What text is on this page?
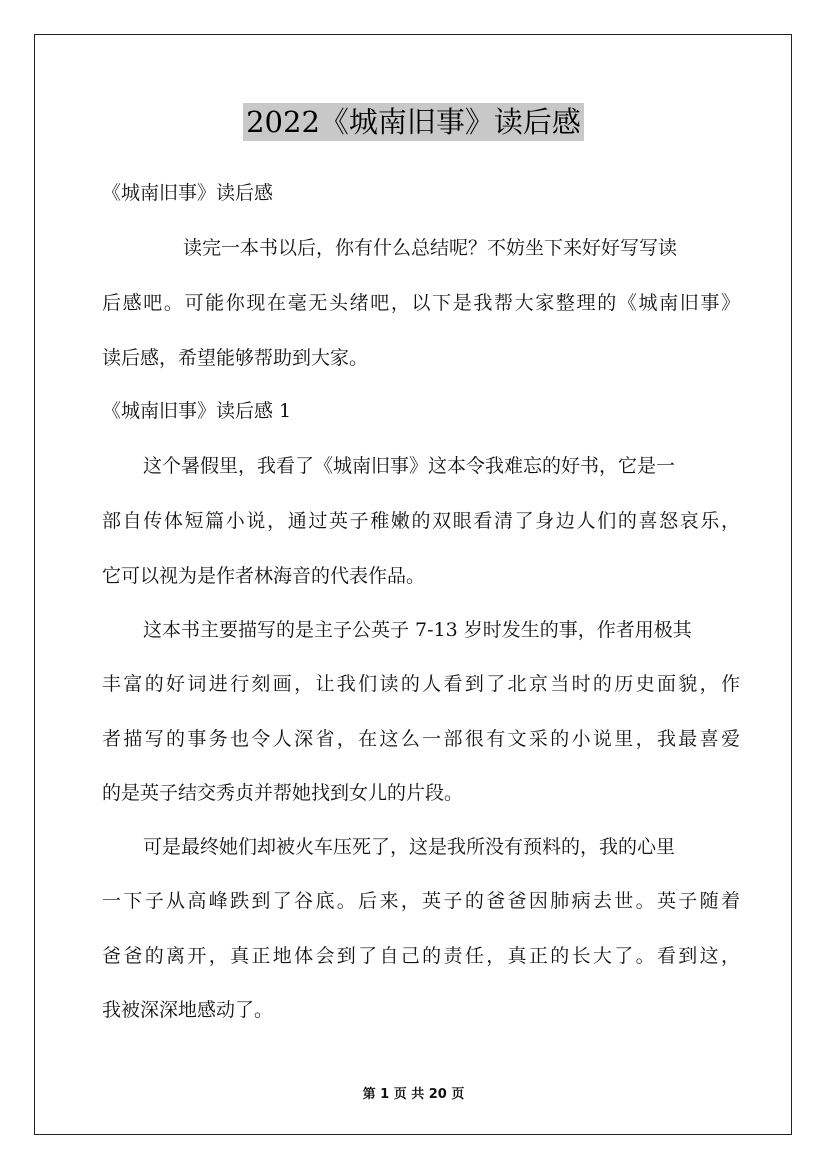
2022《城南旧事》读后感
《城南旧事》读后感
读完一本书以后，你有什么总结呢？不妨坐下来好好写写读
后感吧。可能你现在毫无头绪吧，以下是我帮大家整理的《城南旧事》
读后感，希望能够帮助到大家。
《城南旧事》读后感 1
这个暑假里，我看了《城南旧事》这本令我难忘的好书，它是一
部自传体短篇小说，通过英子稚嫩的双眼看清了身边人们的喜怒哀乐，
它可以视为是作者林海音的代表作品。
这本书主要描写的是主子公英子 7-13 岁时发生的事，作者用极其
丰富的好词进行刻画，让我们读的人看到了北京当时的历史面貌，作
者描写的事务也令人深省，在这么一部很有文采的小说里，我最喜爱
的是英子结交秀贞并帮她找到女儿的片段。
可是最终她们却被火车压死了，这是我所没有预料的，我的心里
一下子从高峰跌到了谷底。后来，英子的爸爸因肺病去世。英子随着
爸爸的离开，真正地体会到了自己的责任，真正的长大了。看到这，
我被深深地感动了。
第 1 页 共 20 页
